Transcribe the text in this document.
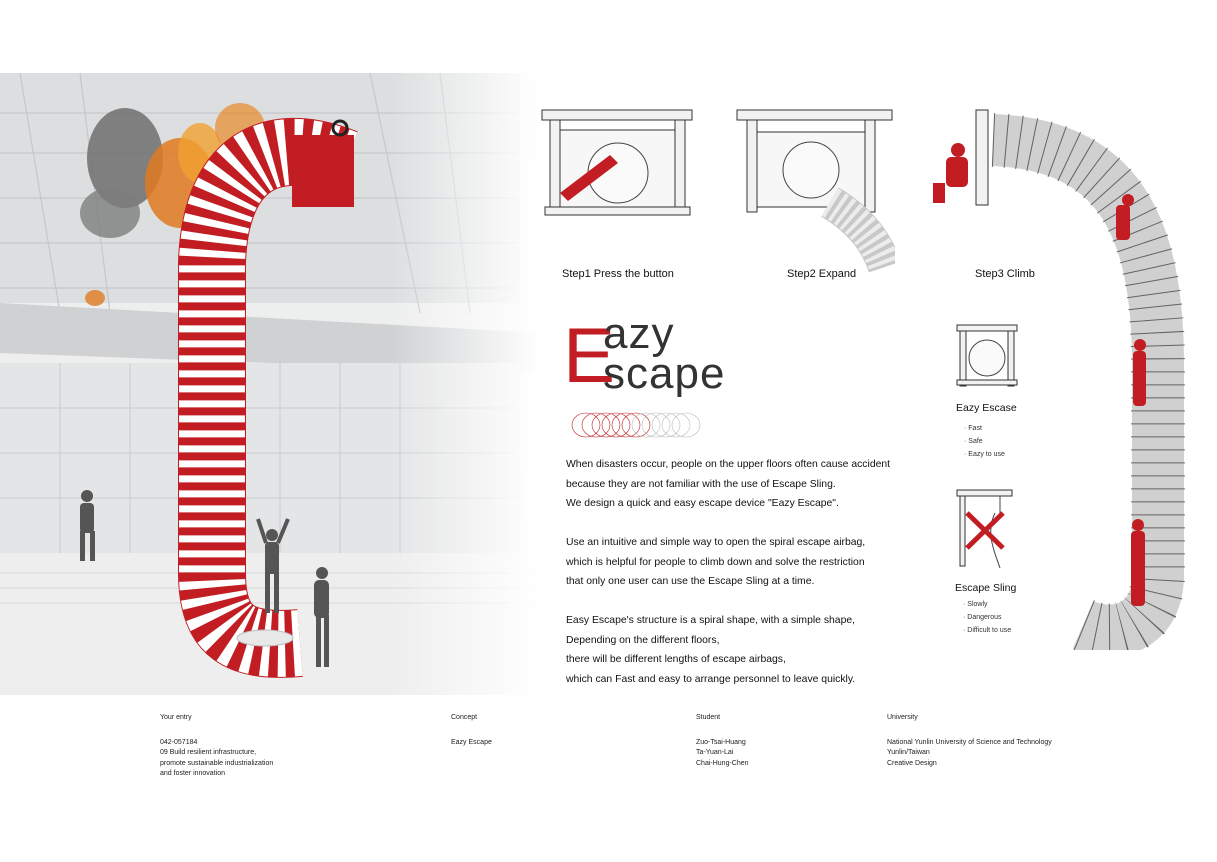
Step1 Press the button	Step2 Expand	Step3 Climb
E
azy
scape

When disasters occur, people on the upper floors often cause accident
because they are not familiar with the use of Escape Sling.
We design a quick and easy escape device "Eazy Escape".

Use an intuitive and simple way to open the spiral escape airbag,
which is helpful for people to climb down and solve the restriction
that only one user can use the Escape Sling at a time.

Easy Escape's structure is a spiral shape, with a simple shape,
Depending on the different floors,
there will be different lengths of escape airbags,
which can Fast and easy to arrange personnel to leave quickly.

Eazy Escase
· Fast
· Safe
· Eazy to use
Escape Sling
· Slowly
· Dangerous
· Difficult to use
Your entry
042-057184
09 Build resilient infrastructure,
promote sustainable industrialization
and foster innovation
Concept
Eazy Escape
Student
Zuo-Tsai-Huang
Ta-Yuan-Lai
Chai-Hung-Chen
University
National Yunlin University of Science and Technology
Yunlin/Taiwan
Creative Design
